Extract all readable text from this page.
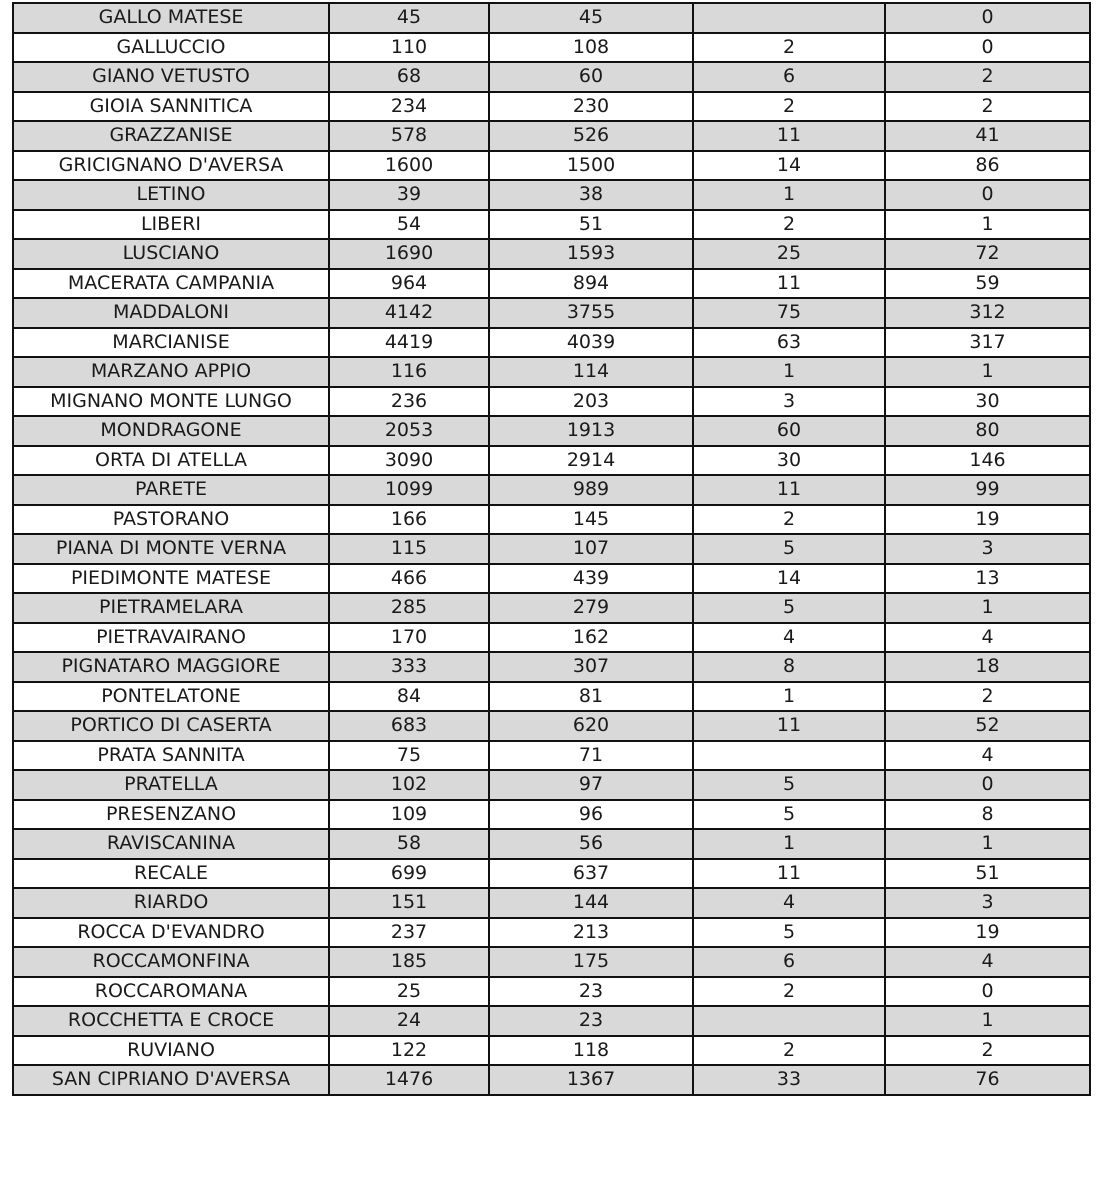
GALLO MATESE	45	45		0
GALLUCCIO	110	108	2	0
GIANO VETUSTO	68	60	6	2
GIOIA SANNITICA	234	230	2	2
GRAZZANISE	578	526	11	41
GRICIGNANO D'AVERSA	1600	1500	14	86
LETINO	39	38	1	0
LIBERI	54	51	2	1
LUSCIANO	1690	1593	25	72
MACERATA CAMPANIA	964	894	11	59
MADDALONI	4142	3755	75	312
MARCIANISE	4419	4039	63	317
MARZANO APPIO	116	114	1	1
MIGNANO MONTE LUNGO	236	203	3	30
MONDRAGONE	2053	1913	60	80
ORTA DI ATELLA	3090	2914	30	146
PARETE	1099	989	11	99
PASTORANO	166	145	2	19
PIANA DI MONTE VERNA	115	107	5	3
PIEDIMONTE MATESE	466	439	14	13
PIETRAMELARA	285	279	5	1
PIETRAVAIRANO	170	162	4	4
PIGNATARO MAGGIORE	333	307	8	18
PONTELATONE	84	81	1	2
PORTICO DI CASERTA	683	620	11	52
PRATA SANNITA	75	71		4
PRATELLA	102	97	5	0
PRESENZANO	109	96	5	8
RAVISCANINA	58	56	1	1
RECALE	699	637	11	51
RIARDO	151	144	4	3
ROCCA D'EVANDRO	237	213	5	19
ROCCAMONFINA	185	175	6	4
ROCCAROMANA	25	23	2	0
ROCCHETTA E CROCE	24	23		1
RUVIANO	122	118	2	2
SAN CIPRIANO D'AVERSA	1476	1367	33	76
